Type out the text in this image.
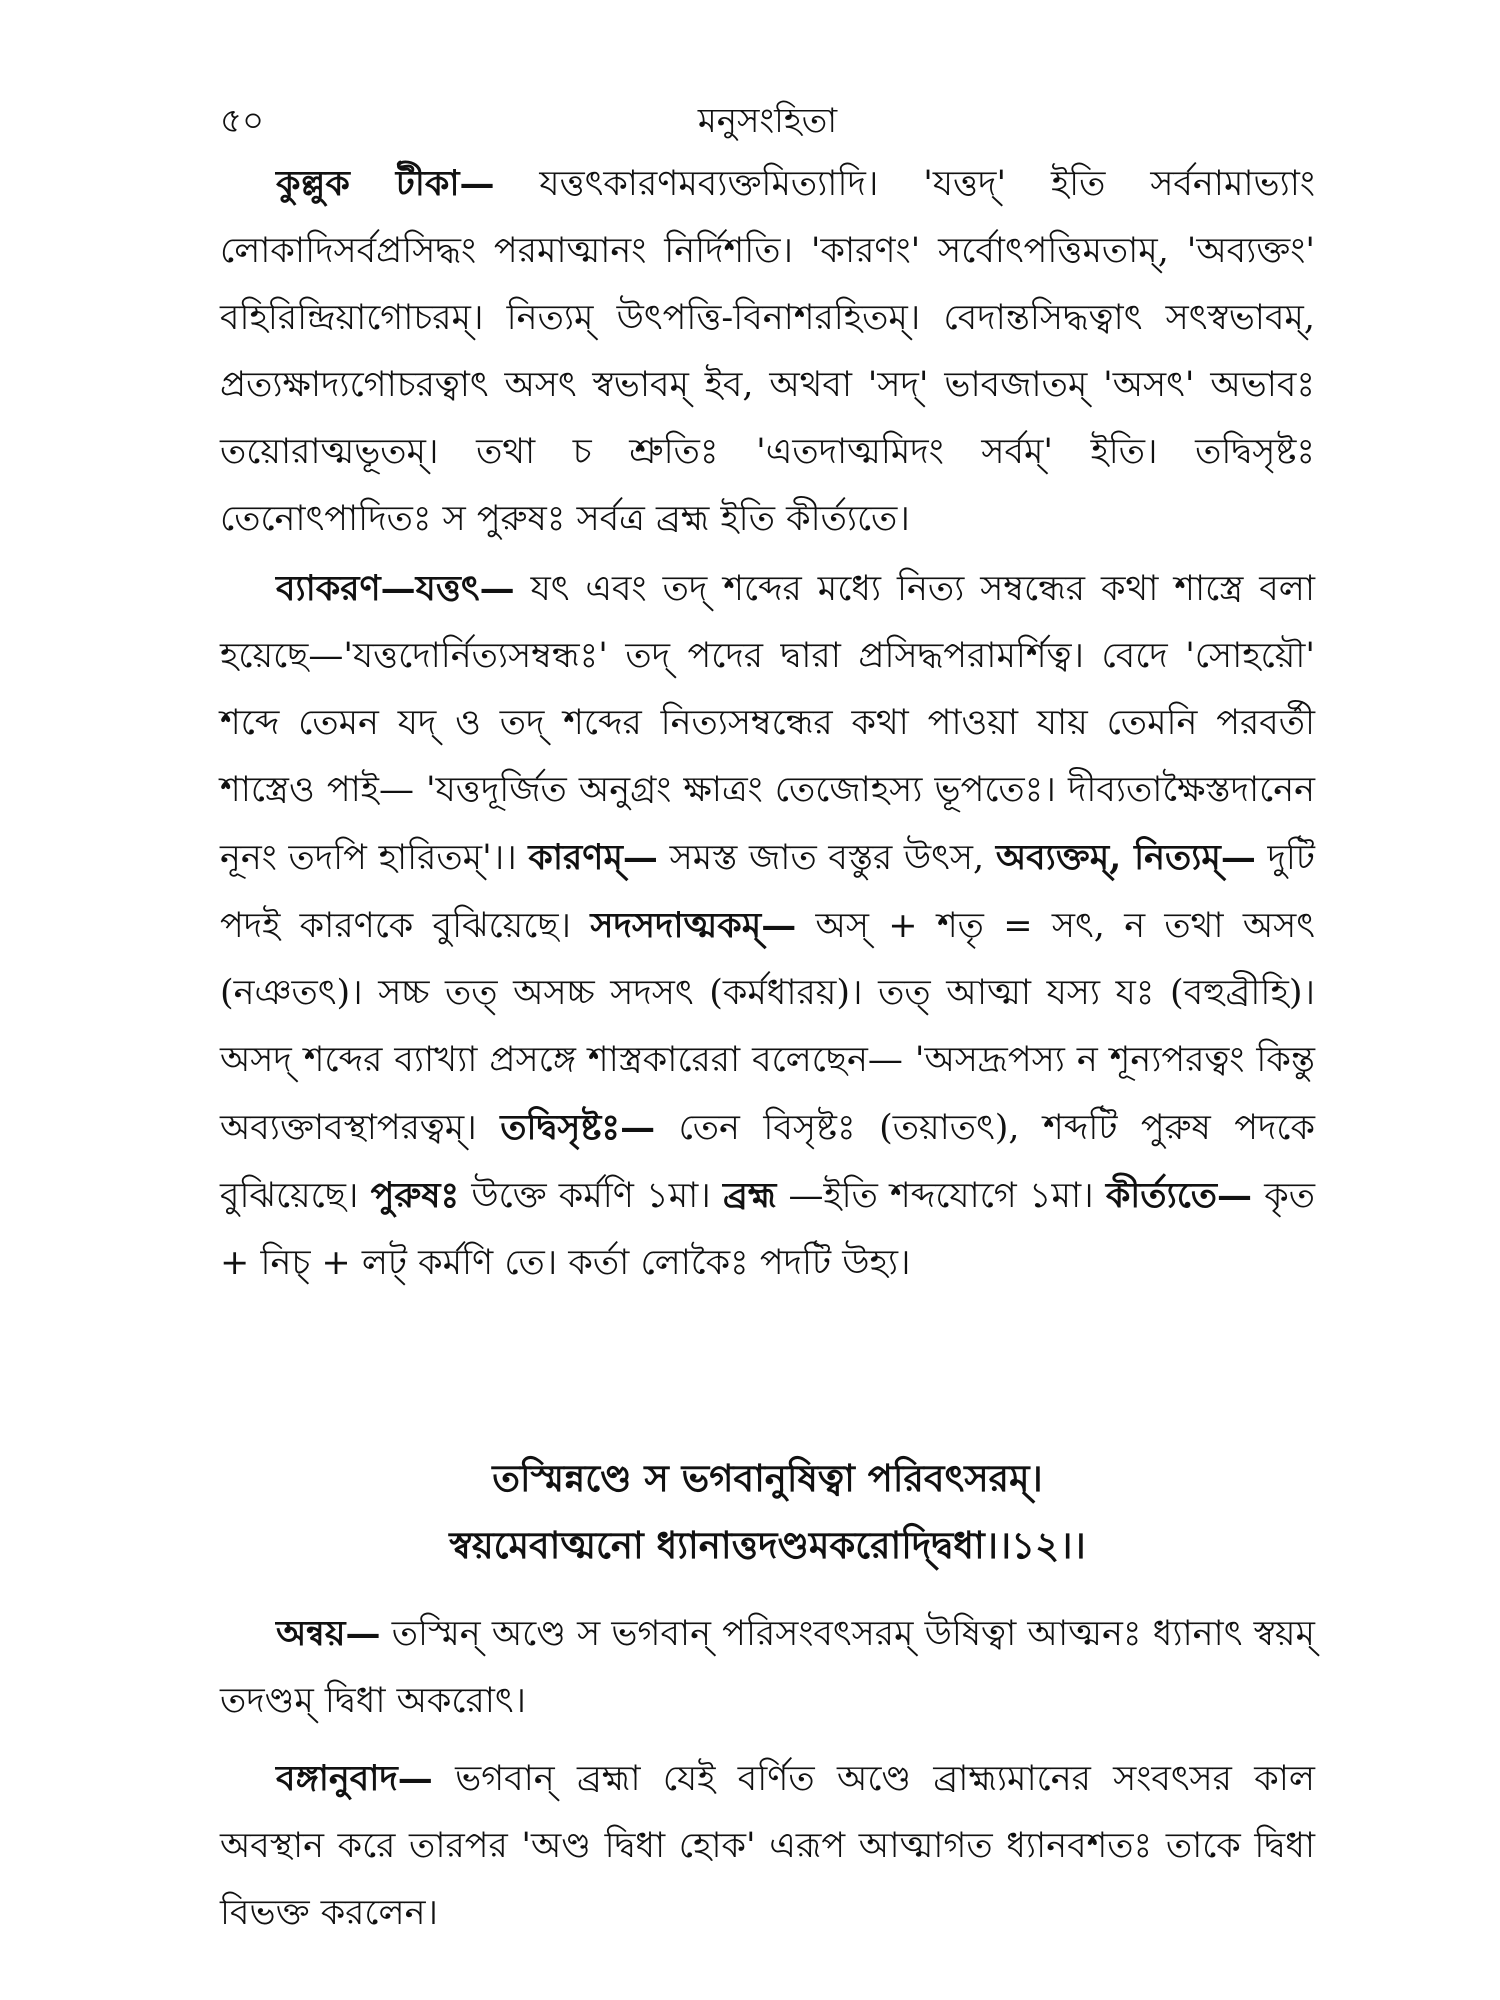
৫০	মনুসংহিতা

কুল্লুক টীকা— যত্তৎকারণমব্যক্তমিত্যাদি। 'যত্তদ্' ইতি সর্বনামাভ্যাং লোকাদিসর্বপ্রসিদ্ধং পরমাত্মানং নির্দিশতি। 'কারণং' সর্বোৎপত্তিমতাম্, 'অব্যক্তং' বহিরিন্দ্রিয়াগোচরম্। নিত্যম্ উৎপত্তি-বিনাশরহিতম্। বেদান্তসিদ্ধত্বাৎ সৎস্বভাবম্, প্রত্যক্ষাদ্যগোচরত্বাৎ অসৎ স্বভাবম্ ইব, অথবা 'সদ্' ভাবজাতম্ 'অসৎ' অভাবঃ তয়োরাত্মভূতম্। তথা চ শ্রুতিঃ 'এতদাত্মমিদং সর্বম্' ইতি। তদ্বিসৃষ্টঃ তেনোৎপাদিতঃ স পুরুষঃ সর্বত্র ব্রহ্ম ইতি কীর্ত্যতে।

ব্যাকরণ—যত্তৎ— যৎ এবং তদ্ শব্দের মধ্যে নিত্য সম্বন্ধের কথা শাস্ত্রে বলা হয়েছে—'যত্তদোর্নিত্যসম্বন্ধঃ' তদ্ পদের দ্বারা প্রসিদ্ধপরামর্শিত্ব। বেদে 'সোহয়ৌ' শব্দে তেমন যদ্ ও তদ্ শব্দের নিত্যসম্বন্ধের কথা পাওয়া যায় তেমনি পরবর্তী শাস্ত্রেও পাই— 'যত্তদূর্জিত অনুগ্রং ক্ষাত্রং তেজোহস্য ভূপতেঃ। দীব্যতাক্ষৈস্তদানেন নূনং তদপি হারিতম্'।। কারণম্— সমস্ত জাত বস্তুর উৎস, অব্যক্তম্, নিত্যম্— দুটি পদই কারণকে বুঝিয়েছে। সদসদাত্মকম্— অস্ + শতৃ = সৎ, ন তথা অসৎ (নঞতৎ)। সচ্চ তত্ অসচ্চ সদসৎ (কর্মধারয়)। তত্ আত্মা যস্য যঃ (বহুব্রীহি)। অসদ্ শব্দের ব্যাখ্যা প্রসঙ্গে শাস্ত্রকারেরা বলেছেন— 'অসদ্রূপস্য ন শূন্যপরত্বং কিন্তু অব্যক্তাবস্থাপরত্বম্। তদ্বিসৃষ্টঃ— তেন বিসৃষ্টঃ (তয়াতৎ), শব্দটি পুরুষ পদকে বুঝিয়েছে। পুরুষঃ উক্তে কর্মণি ১মা। ব্রহ্ম —ইতি শব্দযোগে ১মা। কীর্ত্যতে— কৃত + নিচ্ + লট্ কর্মণি তে। কর্তা লোকৈঃ পদটি উহ্য।

তস্মিন্নণ্ডে স ভগবানুষিত্বা পরিবৎসরম্।
স্বয়মেবাত্মনো ধ্যানাত্তদণ্ডমকরোদ্দ্বিধা।।১২।।

অন্বয়— তস্মিন্ অণ্ডে স ভগবান্ পরিসংবৎসরম্ উষিত্বা আত্মনঃ ধ্যানাৎ স্বয়ম্ তদণ্ডম্ দ্বিধা অকরোৎ।

বঙ্গানুবাদ— ভগবান্ ব্রহ্মা যেই বর্ণিত অণ্ডে ব্রাহ্ম্যমানের সংবৎসর কাল অবস্থান করে তারপর 'অণ্ড দ্বিধা হোক' এরূপ আত্মাগত ধ্যানবশতঃ তাকে দ্বিধা বিভক্ত করলেন।
